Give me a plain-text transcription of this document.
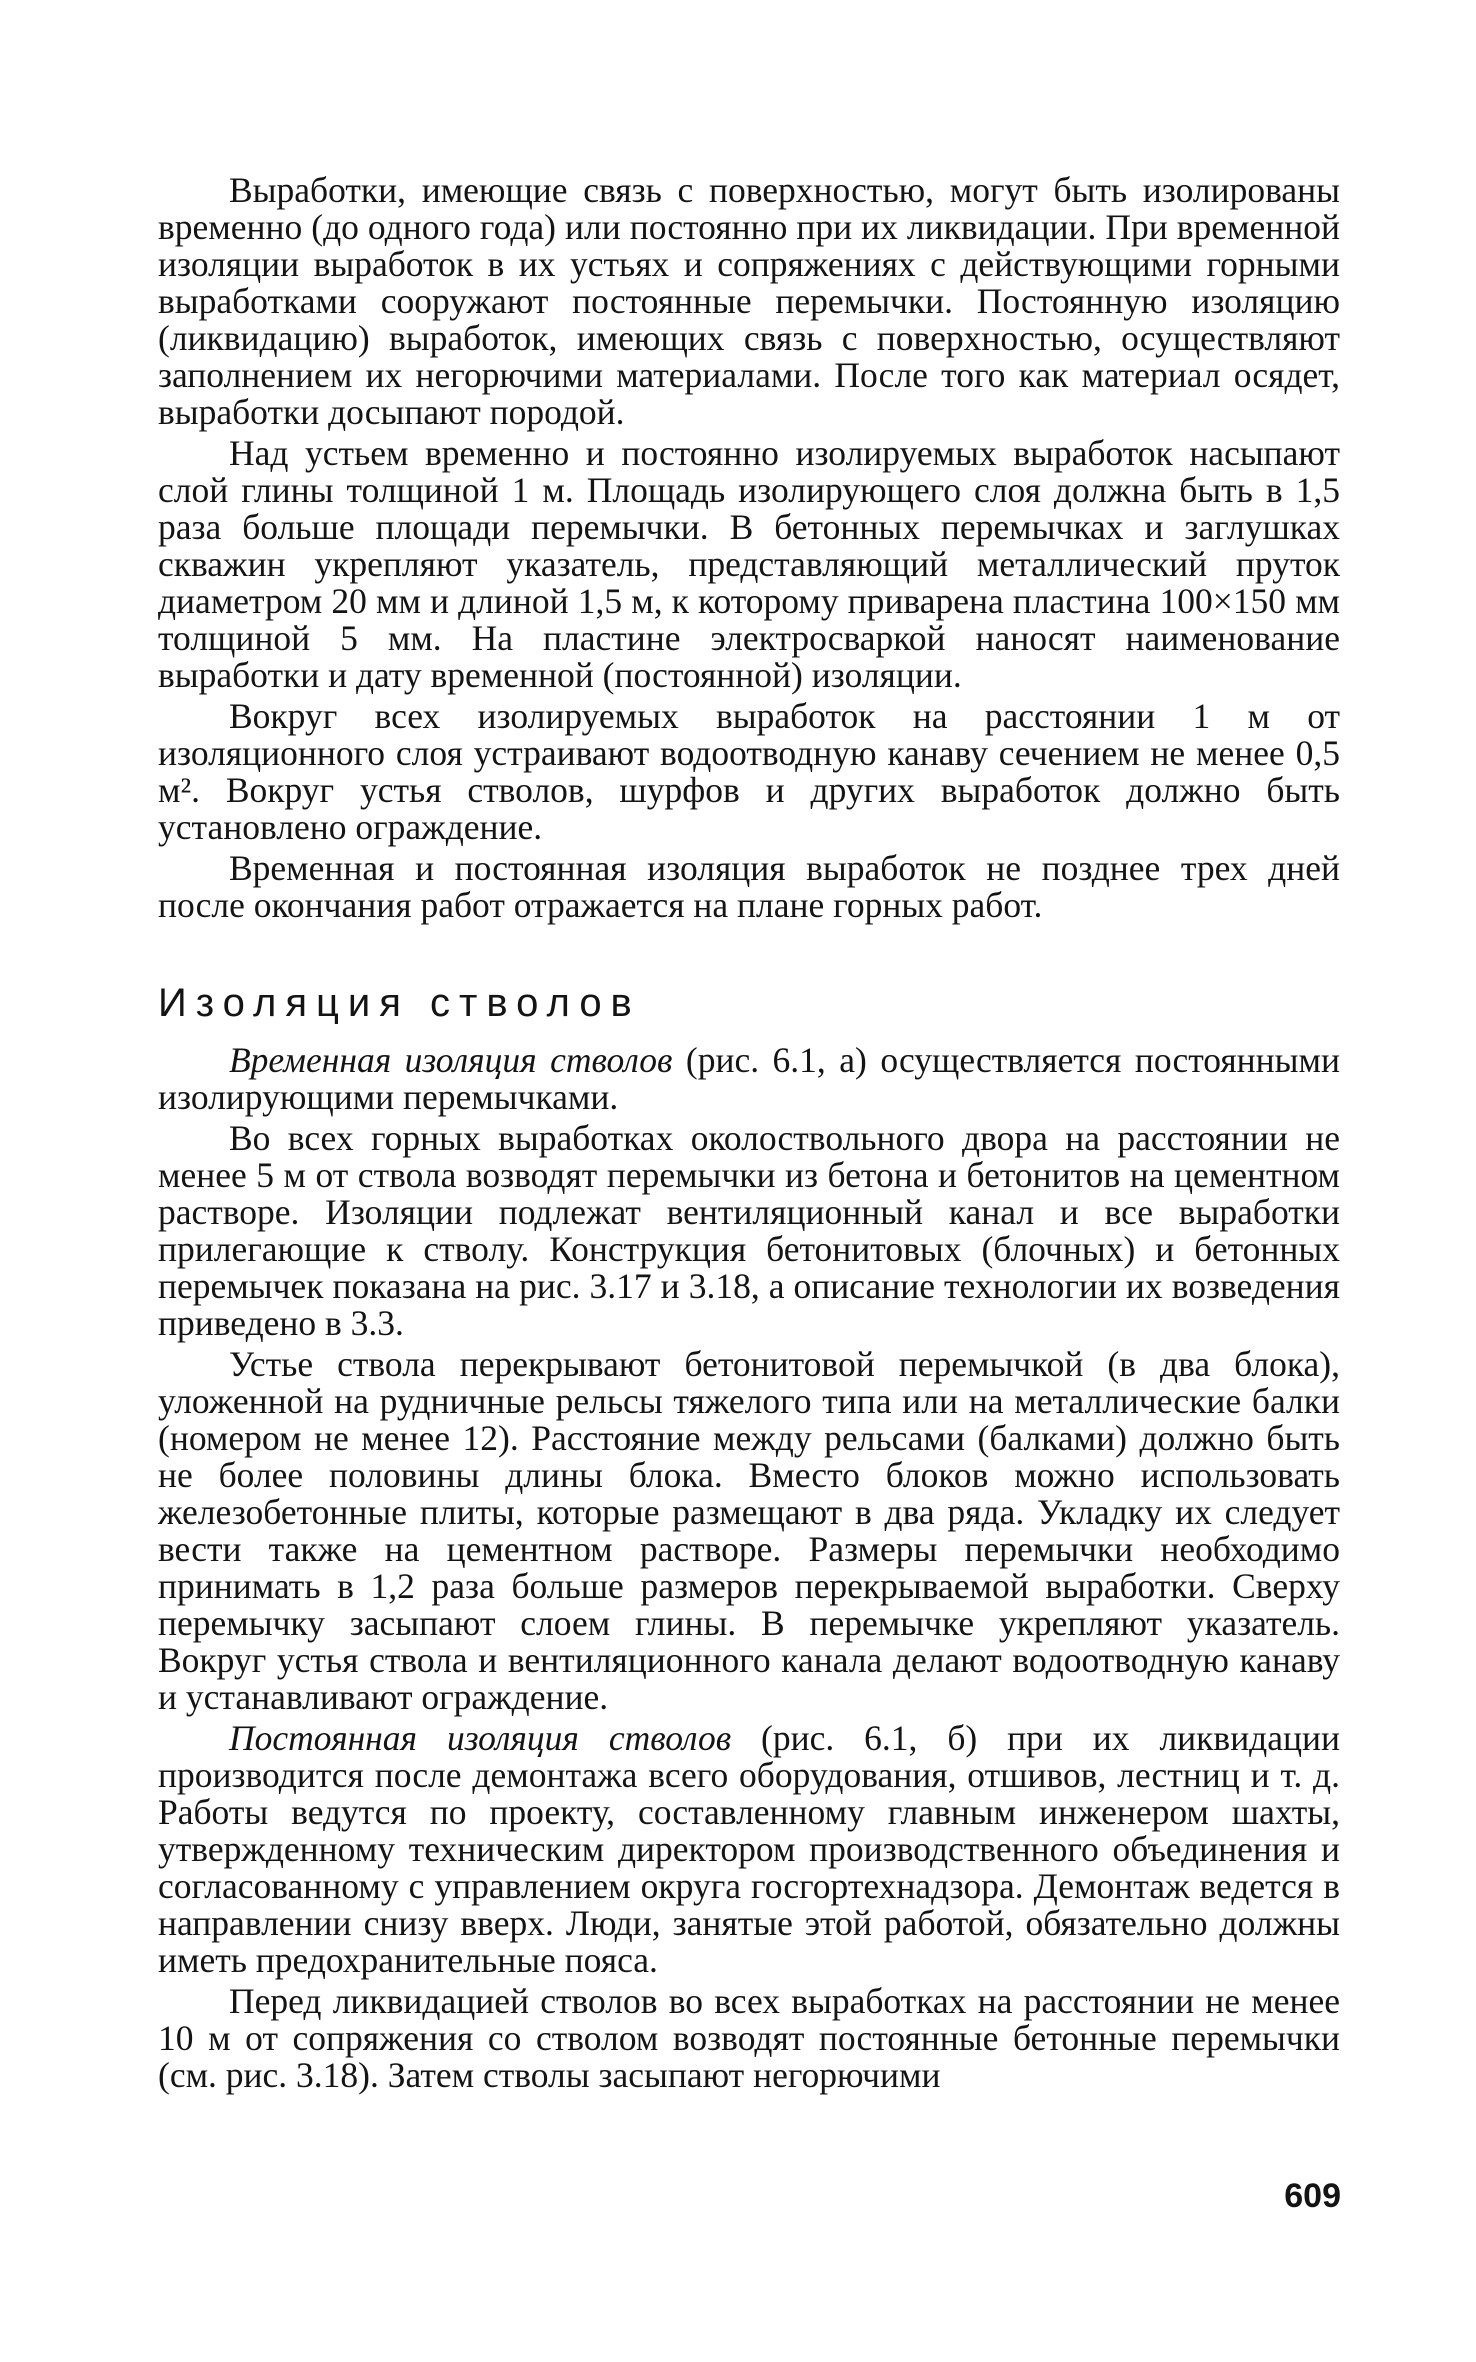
Выработки, имеющие связь с поверхностью, могут быть изолированы временно (до одного года) или постоянно при их ликвидации. При временной изоляции выработок в их устьях и сопряжениях с действующими горными выработками сооружают постоянные перемычки. Постоянную изоляцию (ликвидацию) выработок, имеющих связь с поверхностью, осуществляют заполнением их негорючими материалами. После того как материал осядет, выработки досыпают породой.

Над устьем временно и постоянно изолируемых выработок насыпают слой глины толщиной 1 м. Площадь изолирующего слоя должна быть в 1,5 раза больше площади перемычки. В бетонных перемычках и заглушках скважин укрепляют указатель, представляющий металлический пруток диаметром 20 мм и длиной 1,5 м, к которому приварена пластина 100×150 мм толщиной 5 мм. На пластине электросваркой наносят наименование выработки и дату временной (постоянной) изоляции.

Вокруг всех изолируемых выработок на расстоянии 1 м от изоляционного слоя устраивают водоотводную канаву сечением не менее 0,5 м². Вокруг устья стволов, шурфов и других выработок должно быть установлено ограждение.

Временная и постоянная изоляция выработок не позднее трех дней после окончания работ отражается на плане горных работ.

Изоляция стволов

Временная изоляция стволов (рис. 6.1, а) осуществляется постоянными изолирующими перемычками.

Во всех горных выработках околоствольного двора на расстоянии не менее 5 м от ствола возводят перемычки из бетона и бетонитов на цементном растворе. Изоляции подлежат вентиляционный канал и все выработки прилегающие к стволу. Конструкция бетонитовых (блочных) и бетонных перемычек показана на рис. 3.17 и 3.18, а описание технологии их возведения приведено в 3.3.

Устье ствола перекрывают бетонитовой перемычкой (в два блока), уложенной на рудничные рельсы тяжелого типа или на металлические балки (номером не менее 12). Расстояние между рельсами (балками) должно быть не более половины длины блока. Вместо блоков можно использовать железобетонные плиты, которые размещают в два ряда. Укладку их следует вести также на цементном растворе. Размеры перемычки необходимо принимать в 1,2 раза больше размеров перекрываемой выработки. Сверху перемычку засыпают слоем глины. В перемычке укрепляют указатель. Вокруг устья ствола и вентиляционного канала делают водоотводную канаву и устанавливают ограждение.

Постоянная изоляция стволов (рис. 6.1, б) при их ликвидации производится после демонтажа всего оборудования, отшивов, лестниц и т. д. Работы ведутся по проекту, составленному главным инженером шахты, утвержденному техническим директором производственного объединения и согласованному с управлением округа госгортехнадзора. Демонтаж ведется в направлении снизу вверх. Люди, занятые этой работой, обязательно должны иметь предохранительные пояса.

Перед ликвидацией стволов во всех выработках на расстоянии не менее 10 м от сопряжения со стволом возводят постоянные бетонные перемычки (см. рис. 3.18). Затем стволы засыпают негорючими

609
